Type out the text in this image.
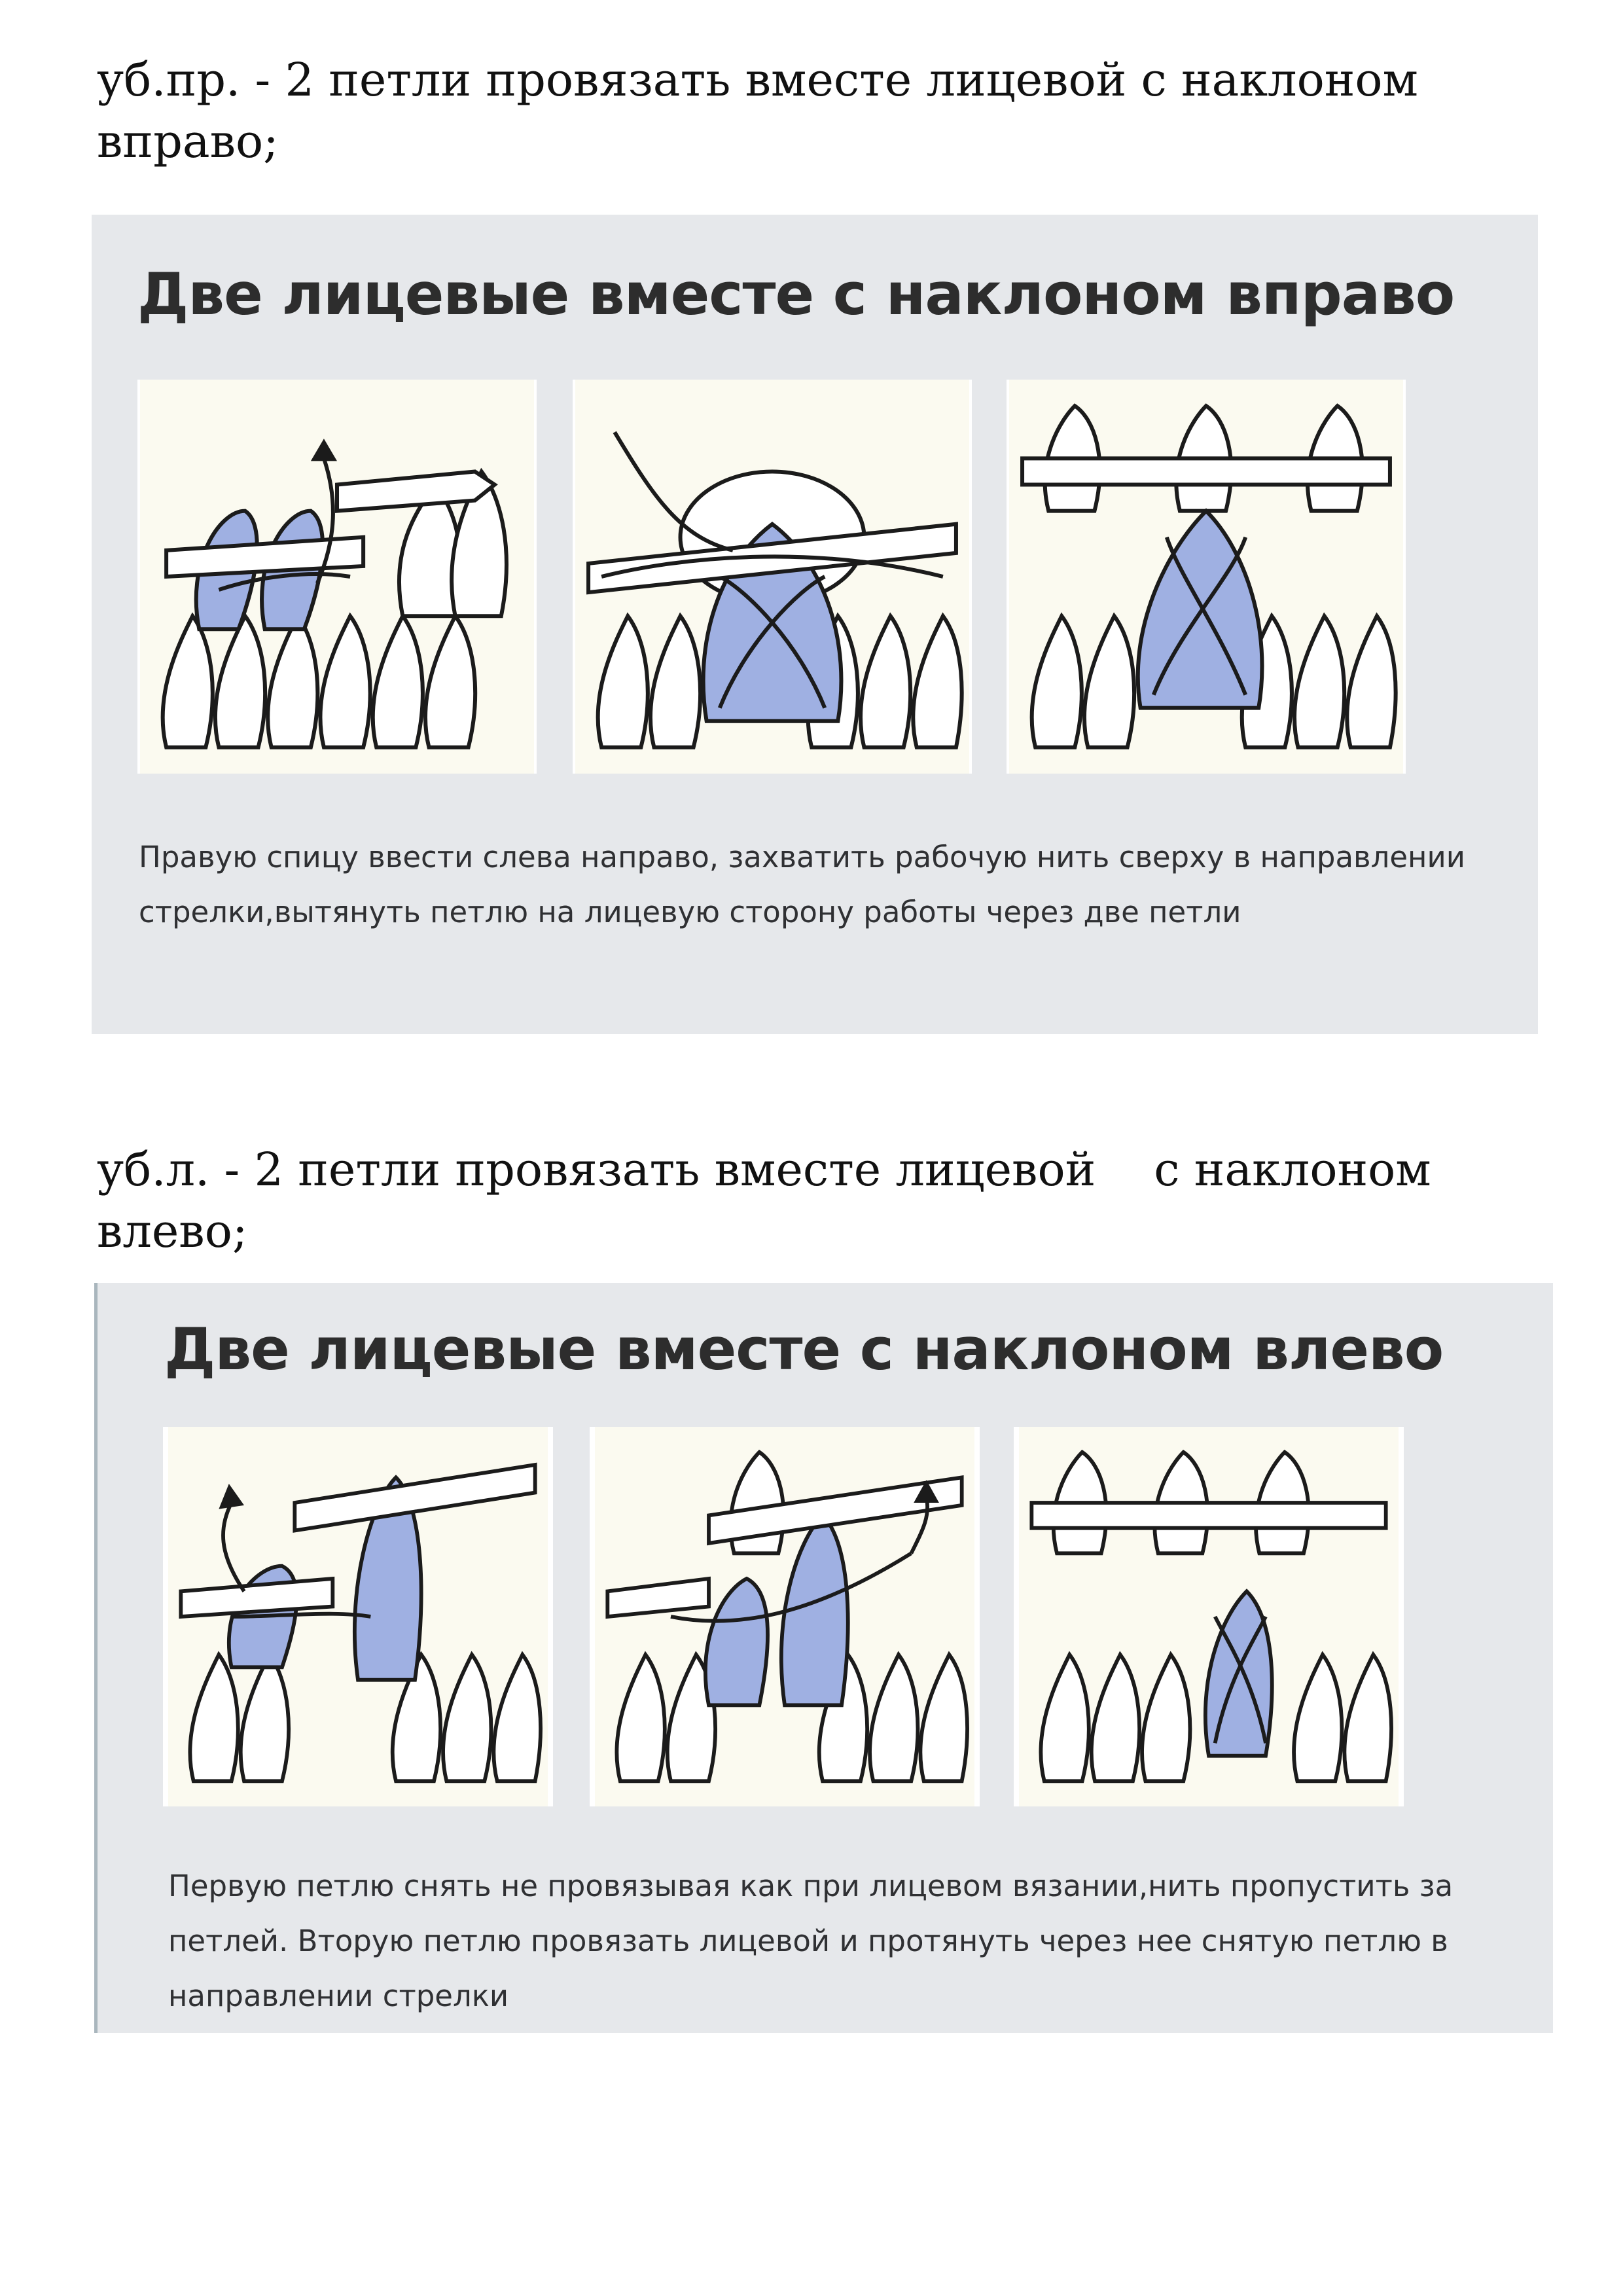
уб.пр. - 2 петли провязать вместе лицевой с наклоном вправо;

Две лицевые вместе с наклоном вправо

Правую спицу ввести слева направо, захватить рабочую нить сверху в направлении стрелки,вытянуть петлю на лицевую сторону работы через две петли

уб.л. - 2 петли провязать вместе лицевой    с наклоном влево;

Две лицевые вместе с наклоном влево

Первую петлю снять не провязывая как при лицевом вязании,нить пропустить за петлей. Вторую петлю провязать лицевой и протянуть через нее снятую петлю в направлении стрелки
